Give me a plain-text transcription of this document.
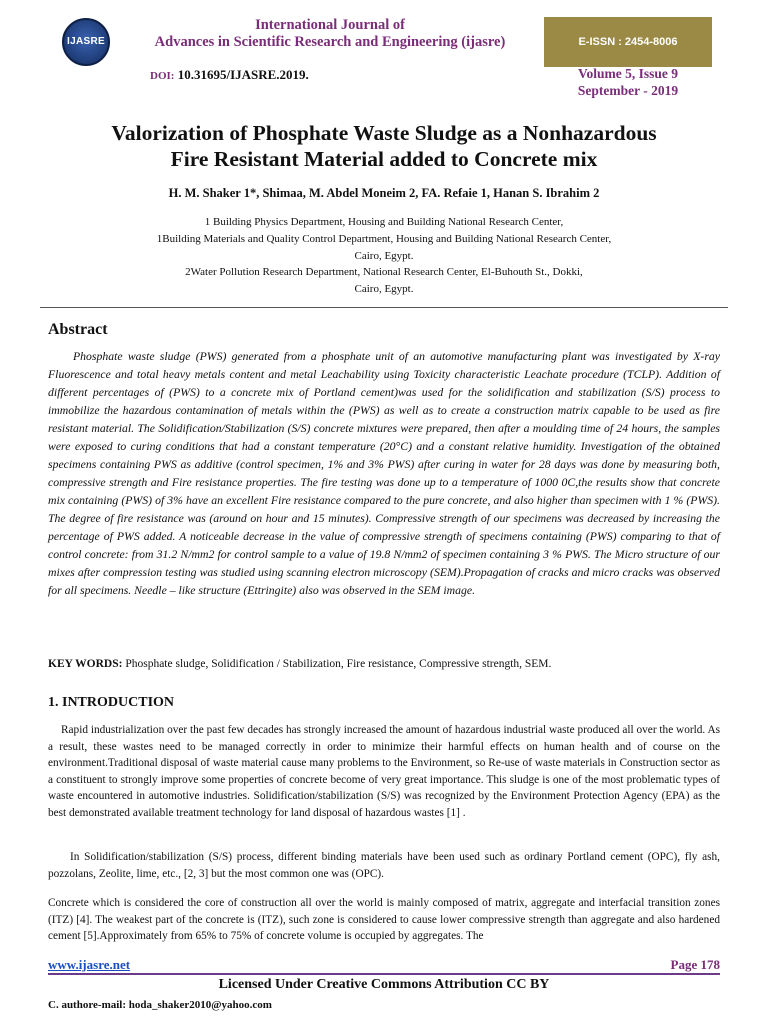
IJASRE
International Journal of
Advances in Scientific Research and Engineering (ijasre)	E-ISSN : 2454-8006
DOI: 10.31695/IJASRE.2019.	Volume 5, Issue 9
September - 2019
Valorization of Phosphate Waste Sludge as a Nonhazardous
Fire Resistant Material added to Concrete mix
H. M. Shaker 1*, Shimaa, M. Abdel Moneim 2, FA. Refaie 1, Hanan S. Ibrahim 2
1 Building Physics Department, Housing and Building National Research Center,
1Building Materials and Quality Control Department, Housing and Building National Research Center,
Cairo, Egypt.
2Water Pollution Research Department, National Research Center, El-Buhouth St., Dokki,
Cairo, Egypt.
Abstract

Phosphate waste sludge (PWS) generated from a phosphate unit of an automotive manufacturing plant was investigated by X-ray Fluorescence and total heavy metals content and metal Leachability using Toxicity characteristic Leachate procedure (TCLP). Addition of different percentages of (PWS) to a concrete mix of Portland cement)was used for the solidification and stabilization (S/S) process to immobilize the hazardous contamination of metals within the (PWS) as well as to create a construction matrix capable to be used as fire resistant material. The Solidification/Stabilization (S/S) concrete mixtures were prepared, then after a moulding time of 24 hours, the samples were exposed to curing conditions that had a constant temperature (20°C) and a constant relative humidity. Investigation of the obtained specimens containing PWS as additive (control specimen, 1% and 3% PWS) after curing in water for 28 days was done by measuring both, compressive strength and Fire resistance properties. The fire testing was done up to a temperature of 1000 0C,the results show that concrete mix containing (PWS) of 3% have an excellent Fire resistance compared to the pure concrete, and also higher than specimen with 1 % (PWS). The degree of fire resistance was (around on hour and 15 minutes). Compressive strength of our specimens was decreased by increasing the percentage of PWS added. A noticeable decrease in the value of compressive strength of specimens containing (PWS) comparing to that of control concrete: from 31.2 N/mm2 for control sample to a value of 19.8 N/mm2 of specimen containing 3 % PWS. The Micro structure of our mixes after compression testing was studied using scanning electron microscopy (SEM).Propagation of cracks and micro cracks was observed for all specimens. Needle – like structure (Ettringite) also was observed in the SEM image.

KEY WORDS: Phosphate sludge, Solidification / Stabilization, Fire resistance, Compressive strength, SEM.
1. INTRODUCTION

Rapid industrialization over the past few decades has strongly increased the amount of hazardous industrial waste produced all over the world. As a result, these wastes need to be managed correctly in order to minimize their harmful effects on human health and of course on the environment.Traditional disposal of waste material cause many problems to the Environment, so Re-use of waste materials in Construction sector as a constituent to strongly improve some properties of concrete become of very great importance. This sludge is one of the most problematic types of waste encountered in automotive industries. Solidification/stabilization (S/S) was recognized by the Environment Protection Agency (EPA) as the best demonstrated available treatment technology for land disposal of hazardous wastes [1] .

In Solidification/stabilization (S/S) process, different binding materials have been used such as ordinary Portland cement (OPC), fly ash, pozzolans, Zeolite, lime, etc., [2, 3] but the most common one was (OPC).

Concrete which is considered the core of construction all over the world is mainly composed of matrix, aggregate and interfacial transition zones (ITZ) [4]. The weakest part of the concrete is (ITZ), such zone is considered to cause lower compressive strength than aggregate and also hardened cement [5].Approximately from 65% to 75% of concrete volume is occupied by aggregates. The

www.ijasre.net	Page 178
Licensed Under Creative Commons Attribution CC BY
C. authore-mail: hoda_shaker2010@yahoo.com
